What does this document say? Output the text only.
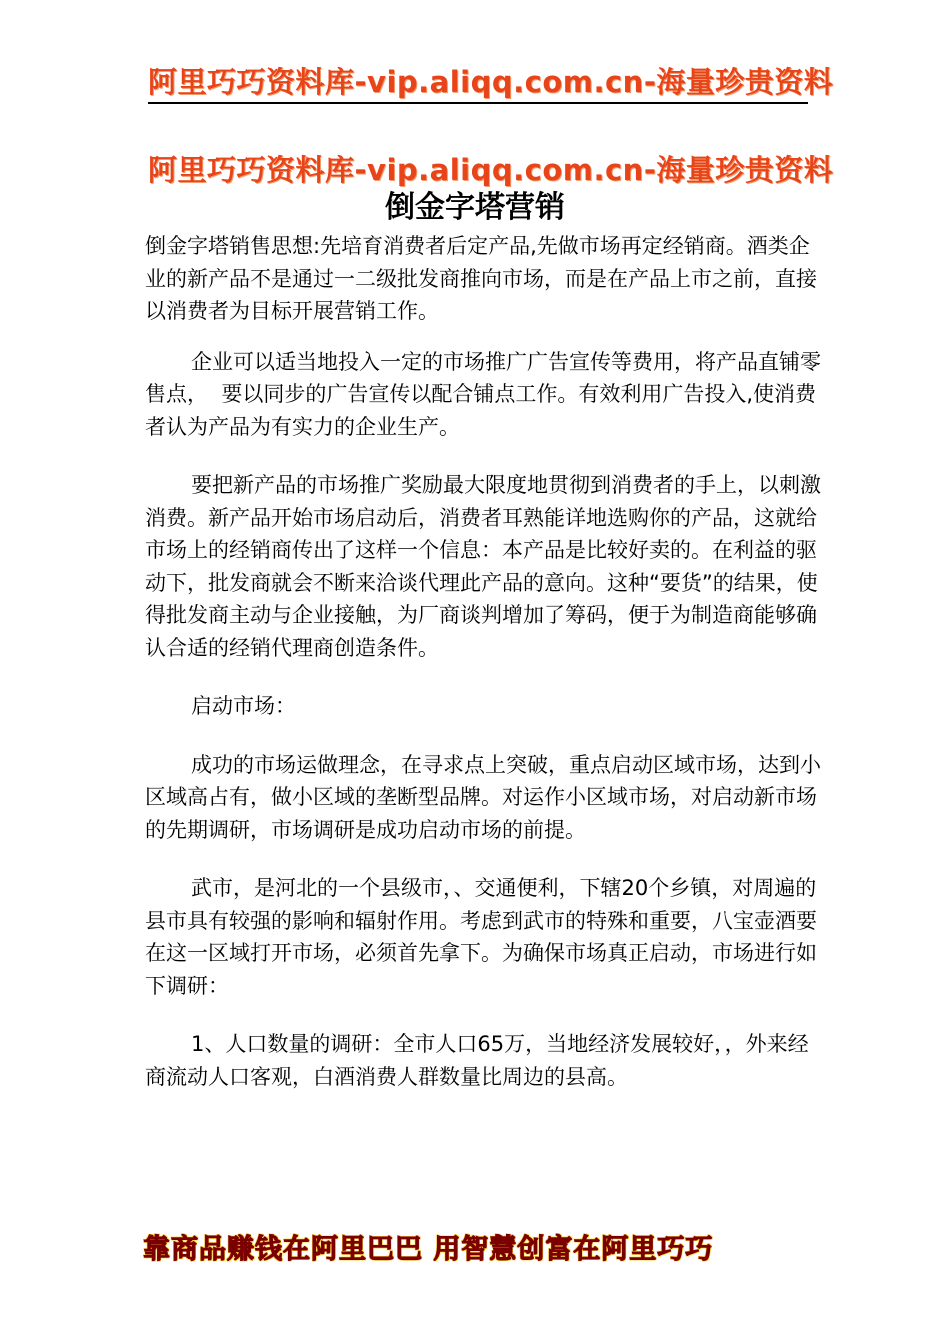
阿里巧巧资料库-vip.aliqq.com.cn-海量珍贵资料
阿里巧巧资料库-vip.aliqq.com.cn-海量珍贵资料
倒金字塔营销

倒金字塔销售思想:先培育消费者后定产品,先做市场再定经销商。酒类企业的新产品不是通过一二级批发商推向市场，而是在产品上市之前，直接以消费者为目标开展营销工作。

企业可以适当地投入一定的市场推广广告宣传等费用，将产品直铺零售点，  要以同步的广告宣传以配合铺点工作。有效利用广告投入,使消费者认为产品为有实力的企业生产。

要把新产品的市场推广奖励最大限度地贯彻到消费者的手上，以刺激消费。新产品开始市场启动后，消费者耳熟能详地选购你的产品，这就给市场上的经销商传出了这样一个信息：本产品是比较好卖的。在利益的驱动下，批发商就会不断来洽谈代理此产品的意向。这种“要货”的结果，使得批发商主动与企业接触，为厂商谈判增加了筹码，便于为制造商能够确认合适的经销代理商创造条件。

启动市场：

成功的市场运做理念，在寻求点上突破，重点启动区域市场，达到小区域高占有，做小区域的垄断型品牌。对运作小区域市场，对启动新市场的先期调研，市场调研是成功启动市场的前提。

武市，是河北的一个县级市，、交通便利，下辖20个乡镇，对周遍的县市具有较强的影响和辐射作用。考虑到武市的特殊和重要，八宝壶酒要在这一区域打开市场，必须首先拿下。为确保市场真正启动，市场进行如下调研：

1、人口数量的调研：全市人口65万，当地经济发展较好，，外来经商流动人口客观，白酒消费人群数量比周边的县高。

靠商品赚钱在阿里巴巴 用智慧创富在阿里巧巧
